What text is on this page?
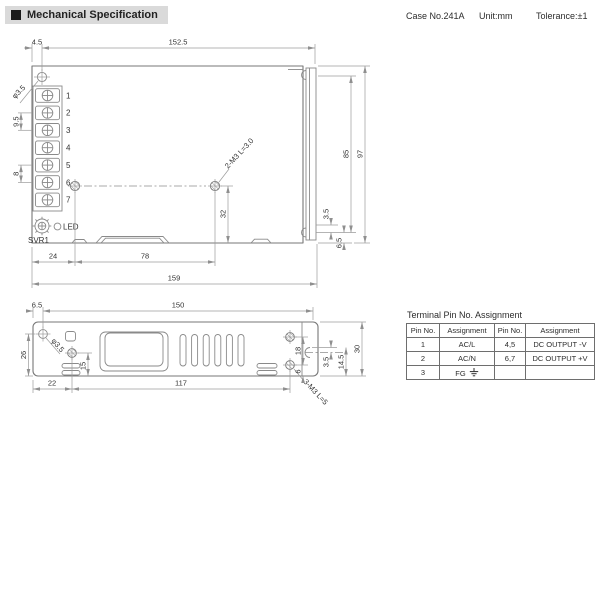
Mechanical Specification	Case No.241A Unit:mm	Tolerance:±1
1
2
3
4
5
6
7
φ3.5
2-M3 L=3.0
SVR1
LED
4.5	152.5
9.5
8
32	3.5
6.5
85 97
24	78
159
φ3.5
3-M3 L=5
6.5	150
26
15
18
6
3.5 14.5
30
22	117
Terminal Pin No. Assignment
Pin No.	Assignment	Pin No.	Assignment
1	AC/L	4,5	DC OUTPUT -V
2	AC/N	6,7	DC OUTPUT +V
3	FG		
